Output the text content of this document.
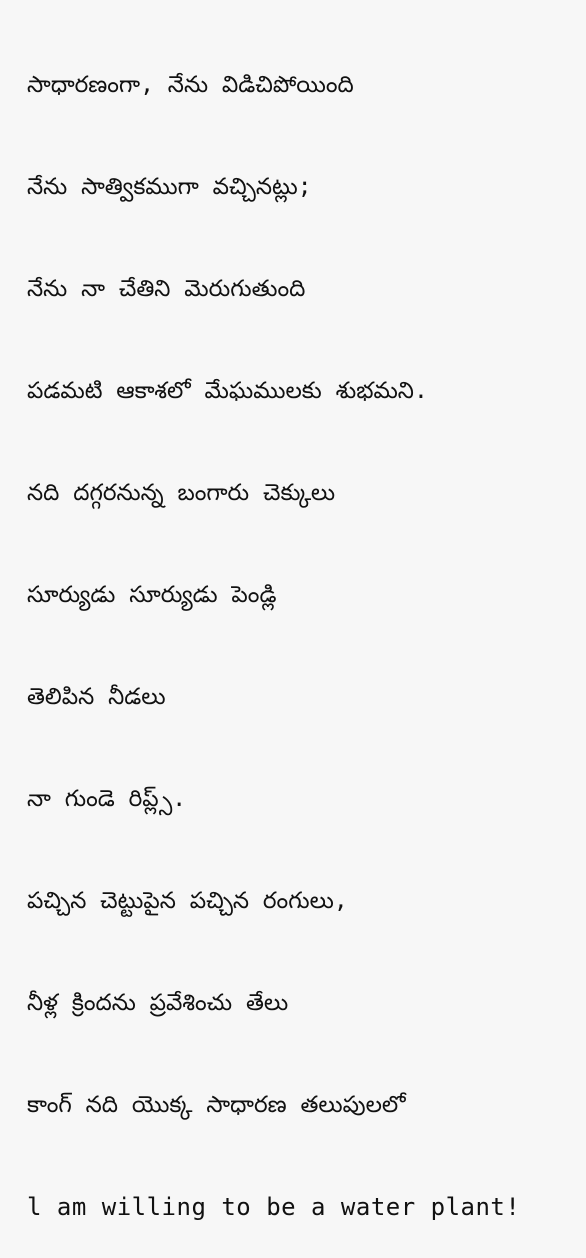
సాధారణంగా, నేను విడిచిపోయింది

నేను సాత్వికముగా వచ్చినట్లు;

నేను నా చేతిని మెరుగుతుంది

పడమటి ఆకాశలో మేఘములకు శుభమని.

నది దగ్గరనున్న బంగారు చెక్కులు

సూర్యుడు సూర్యుడు పెండ్లి

తెలిపిన నీడలు

నా గుండె రిప్ల్స్.

పచ్చిన చెట్టుపైన పచ్చిన రంగులు,

నీళ్ల క్రిందను ప్రవేశించు తేలు

కాంగ్ నది యొక్క సాధారణ తలుపులలో

l am willing to be a water plant!
